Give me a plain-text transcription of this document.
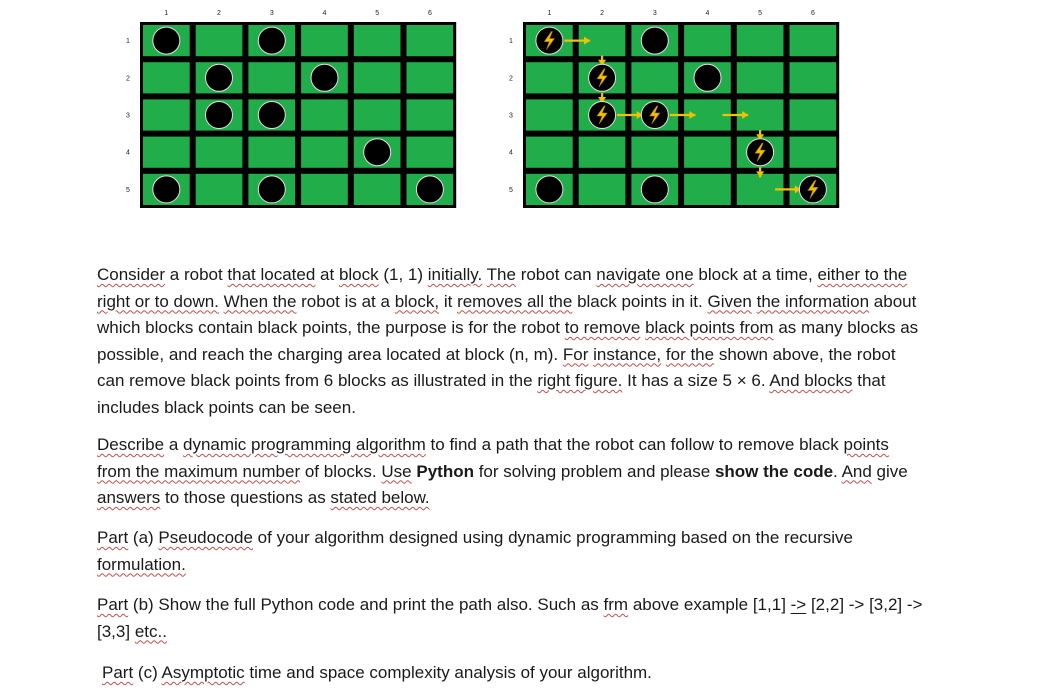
1	2	3	4	5	6
1
2
3
4
5
1	2	3	4	5	6
1
2
3
4
5

Consider a robot that located at block (1, 1) initially. The robot can navigate one block at a time, either to the right or to down. When the robot is at a block, it removes all the black points in it. Given the information about which blocks contain black points, the purpose is for the robot to remove black points from as many blocks as possible, and reach the charging area located at block (n, m). For instance, for the shown above, the robot can remove black points from 6 blocks as illustrated in the right figure. It has a size 5 × 6. And blocks that includes black points can be seen.

Describe a dynamic programming algorithm to find a path that the robot can follow to remove black points from the maximum number of blocks. Use Python for solving problem and please show the code. And give answers to those questions as stated below.

Part (a) Pseudocode of your algorithm designed using dynamic programming based on the recursive formulation.

Part (b) Show the full Python code and print the path also. Such as frm above example [1,1] -> [2,2] -> [3,2] -> [3,3] etc..

Part (c) Asymptotic time and space complexity analysis of your algorithm.
